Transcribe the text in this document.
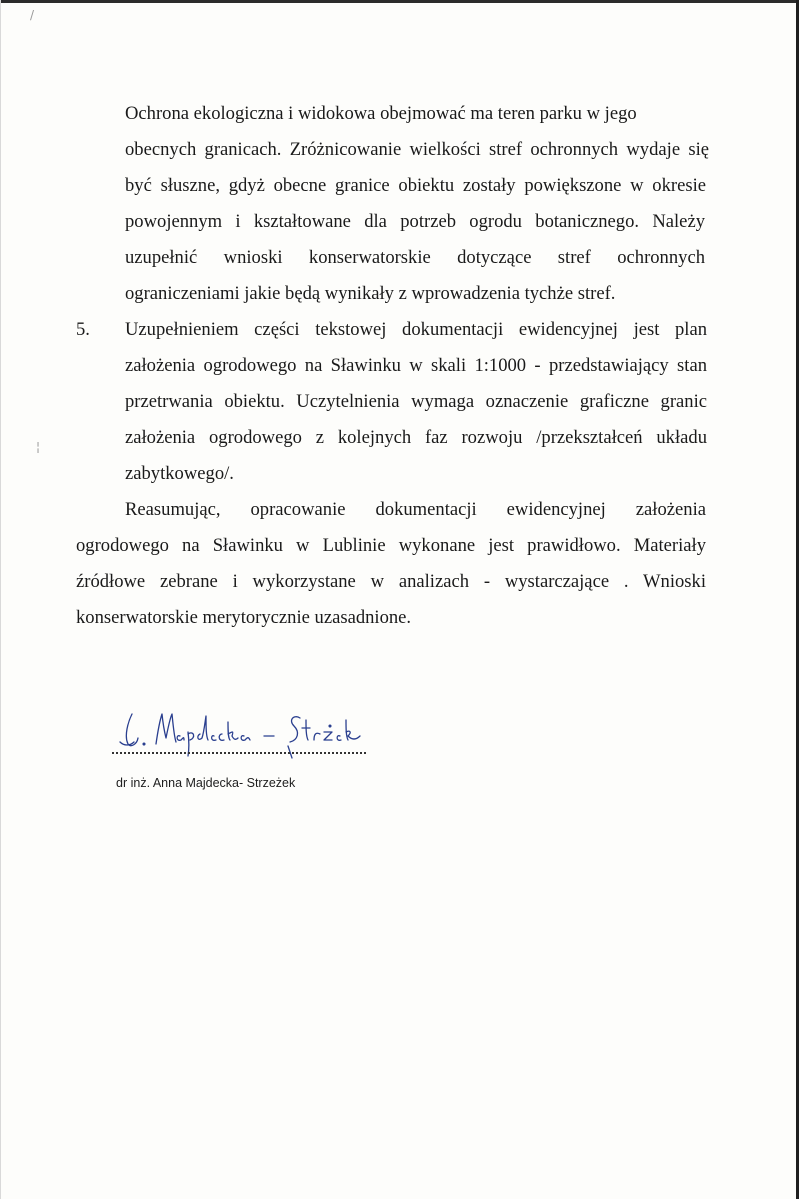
/
¦
Ochrona ekologiczna i widokowa obejmować ma teren parku w jego
obecnych granicach. Zróżnicowanie wielkości stref ochronnych wydaje się
być słuszne, gdyż obecne granice obiektu zostały powiększone w okresie
powojennym i kształtowane dla potrzeb ogrodu botanicznego. Należy
uzupełnić wnioski konserwatorskie dotyczące stref ochronnych
ograniczeniami jakie będą wynikały z wprowadzenia tychże stref.
5. Uzupełnieniem części tekstowej dokumentacji ewidencyjnej jest plan
założenia ogrodowego na Sławinku w skali 1:1000 - przedstawiający stan
przetrwania obiektu. Uczytelnienia wymaga oznaczenie graficzne granic
założenia ogrodowego z kolejnych faz rozwoju /przekształceń układu
zabytkowego/.
Reasumując, opracowanie dokumentacji ewidencyjnej założenia
ogrodowego na Sławinku w Lublinie wykonane jest prawidłowo. Materiały
źródłowe zebrane i wykorzystane w analizach - wystarczające . Wnioski
konserwatorskie merytorycznie uzasadnione.
dr inż. Anna Majdecka- Strzeżek
